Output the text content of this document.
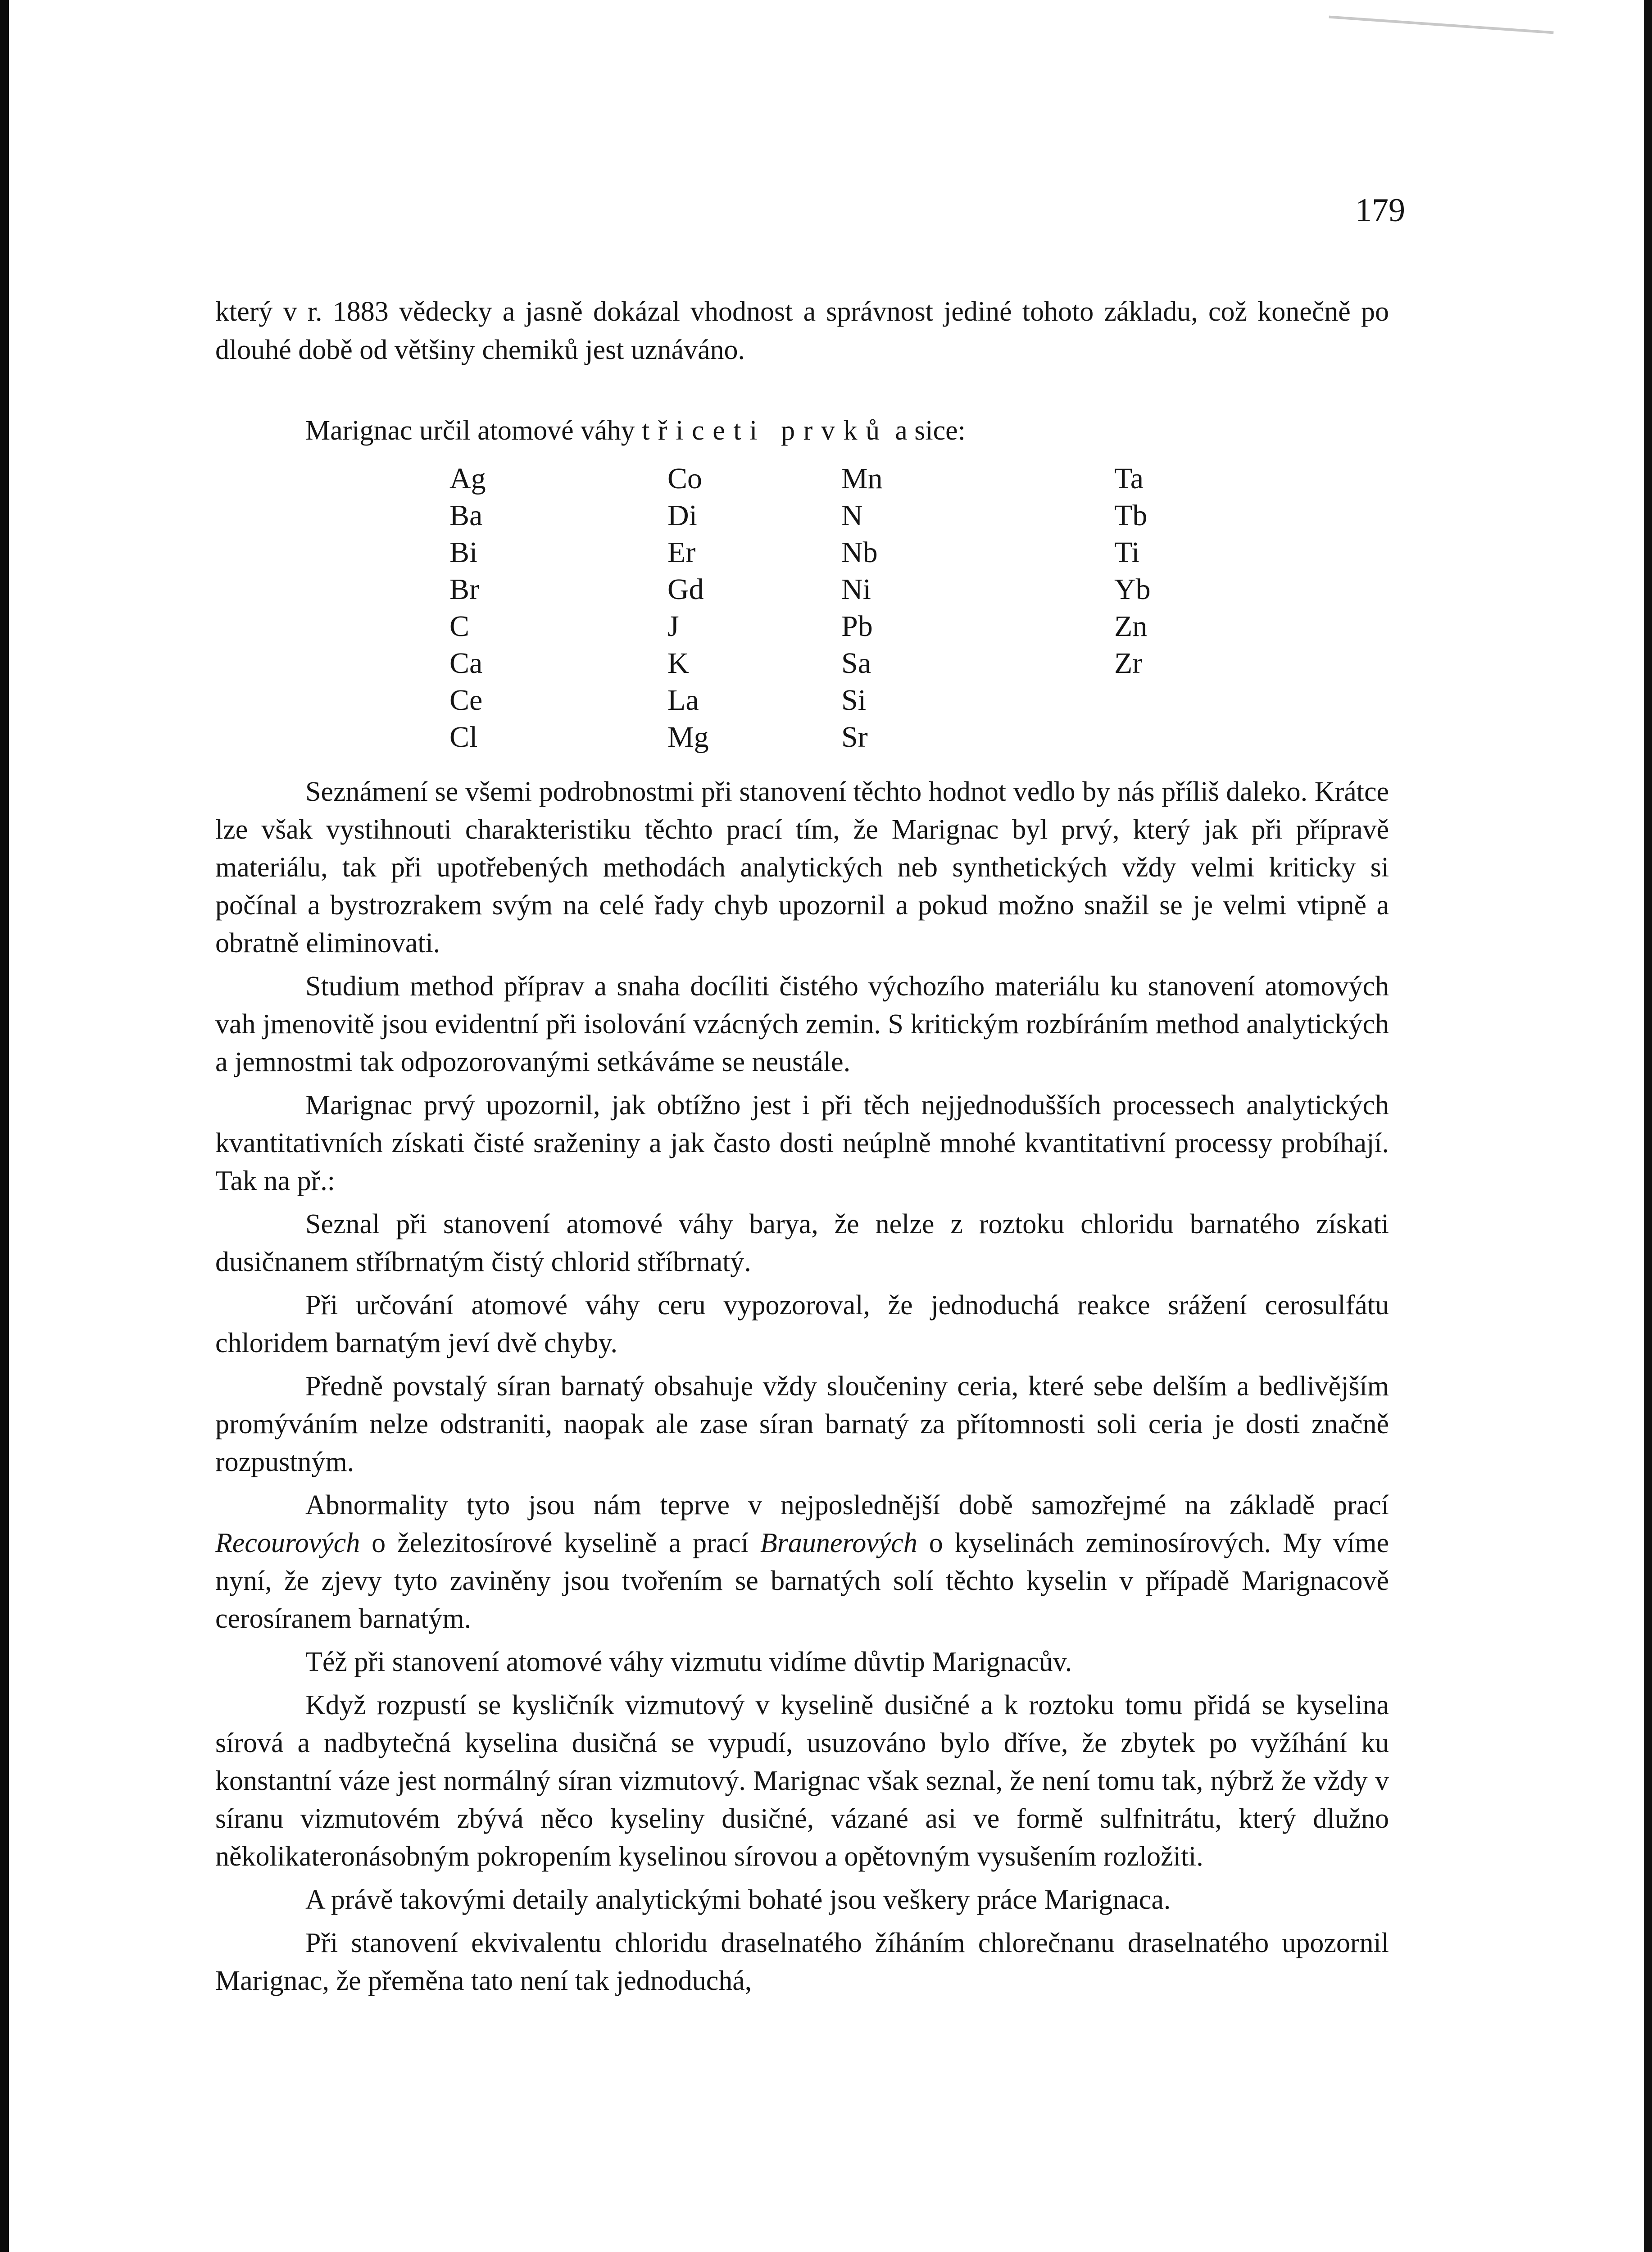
179

který v r. 1883 vědecky a jasně dokázal vhodnost a správnost jediné tohoto základu, což konečně po dlouhé době od většiny chemiků jest uznáváno.

Marignac určil atomové váhy třiceti prvků a sice:

Ag
Ba
Bi
Br
C
Ca
Ce
Cl
Co
Di
Er
Gd
J
K
La
Mg
Mn
N
Nb
Ni
Pb
Sa
Si
Sr
Ta
Tb
Ti
Yb
Zn
Zr

Seznámení se všemi podrobnostmi při stanovení těchto hodnot vedlo by nás příliš daleko. Krátce lze však vystihnouti charakteristiku těchto prací tím, že Marignac byl prvý, který jak při přípravě materiálu, tak při upotřebených methodách analytických neb synthetických vždy velmi kriticky si počínal a bystrozrakem svým na celé řady chyb upozornil a pokud možno snažil se je velmi vtipně a obratně eliminovati.

Studium method příprav a snaha docíliti čistého výchozího materiálu ku stanovení atomových vah jmenovitě jsou evidentní při isolování vzácných zemin. S kritickým rozbíráním method analytických a jemnostmi tak odpozorovanými setkáváme se neustále.

Marignac prvý upozornil, jak obtížno jest i při těch nejjednodušších processech analytických kvantitativních získati čisté sraženiny a jak často dosti neúplně mnohé kvantitativní processy probíhají. Tak na př.:

Seznal při stanovení atomové váhy barya, že nelze z roztoku chloridu barnatého získati dusičnanem stříbrnatým čistý chlorid stříbrnatý.

Při určování atomové váhy ceru vypozoroval, že jednoduchá reakce srážení cerosulfátu chloridem barnatým jeví dvě chyby.

Předně povstalý síran barnatý obsahuje vždy sloučeniny ceria, které sebe delším a bedlivějším promýváním nelze odstraniti, naopak ale zase síran barnatý za přítomnosti soli ceria je dosti značně rozpustným.

Abnormality tyto jsou nám teprve v nejposlednější době samozřejmé na základě prací Recourových o železitosírové kyselině a prací Braunerových o kyselinách zeminosírových. My víme nyní, že zjevy tyto zaviněny jsou tvořením se barnatých solí těchto kyselin v případě Marignacově cerosíranem barnatým.

Též při stanovení atomové váhy vizmutu vidíme důvtip Marignacův.

Když rozpustí se kysličník vizmutový v kyselině dusičné a k roztoku tomu přidá se kyselina sírová a nadbytečná kyselina dusičná se vypudí, usuzováno bylo dříve, že zbytek po vyžíhání ku konstantní váze jest normálný síran vizmutový. Marignac však seznal, že není tomu tak, nýbrž že vždy v síranu vizmutovém zbývá něco kyseliny dusičné, vázané asi ve formě sulfnitrátu, který dlužno několikateronásobným pokropením kyselinou sírovou a opětovným vysušením rozložiti.

A právě takovými detaily analytickými bohaté jsou veškery práce Marignaca.

Při stanovení ekvivalentu chloridu draselnatého žíháním chlorečnanu draselnatého upozornil Marignac, že přeměna tato není tak jednoduchá,
